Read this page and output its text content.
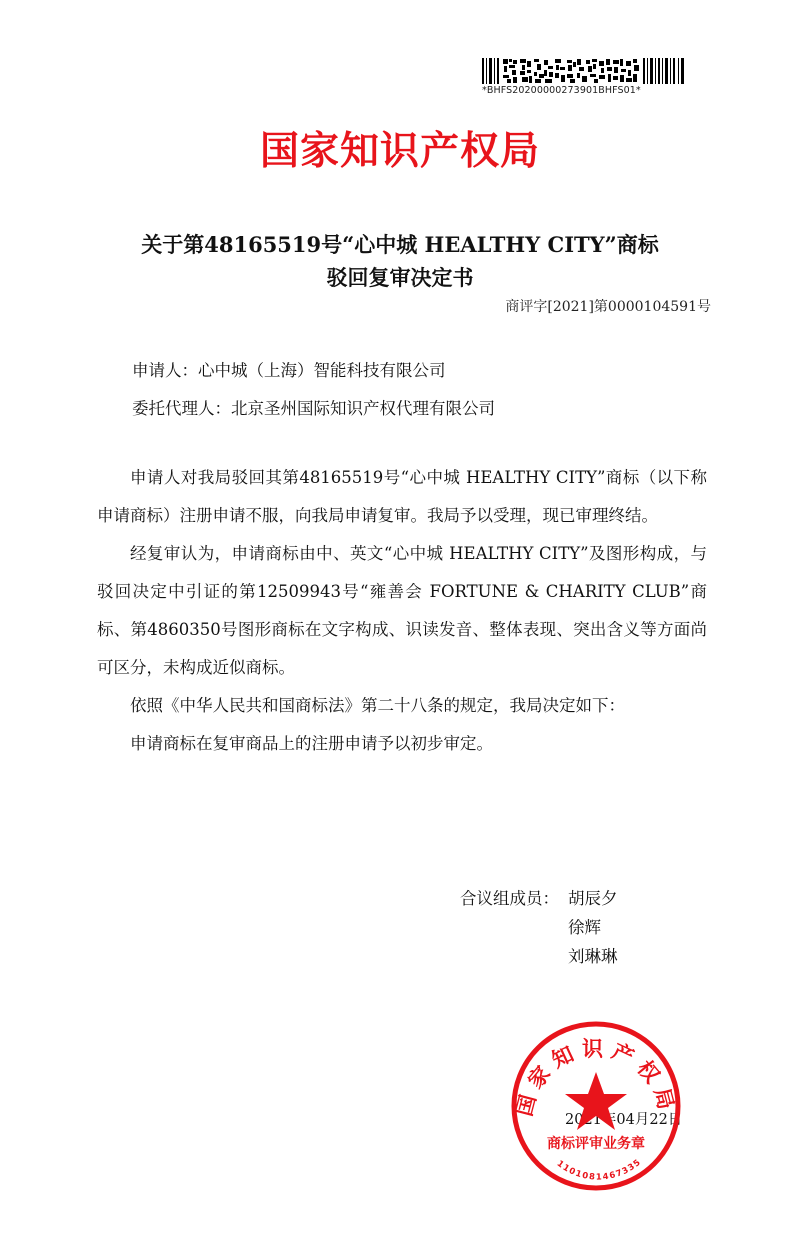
*BHFS20200000273901BHFS01*
国家知识产权局
关于第48165519号“心中城 HEALTHY CITY”商标
驳回复审决定书
商评字[2021]第0000104591号
申请人：心中城（上海）智能科技有限公司
委托代理人：北京圣州国际知识产权代理有限公司

申请人对我局驳回其第48165519号“心中城 HEALTHY CITY”商标（以下称申请商标）注册申请不服，向我局申请复审。我局予以受理，现已审理终结。

经复审认为，申请商标由中、英文“心中城 HEALTHY CITY”及图形构成，与驳回决定中引证的第12509943号“雍善会 FORTUNE & CHARITY CLUB”商标、第4860350号图形商标在文字构成、识读发音、整体表现、突出含义等方面尚可区分，未构成近似商标。

依照《中华人民共和国商标法》第二十八条的规定，我局决定如下：

申请商标在复审商品上的注册申请予以初步审定。

合议组成员： 胡辰夕
徐辉
刘琳琳
2021年04月22日
国家知识产权局
商标评审业务章
1101081467335
